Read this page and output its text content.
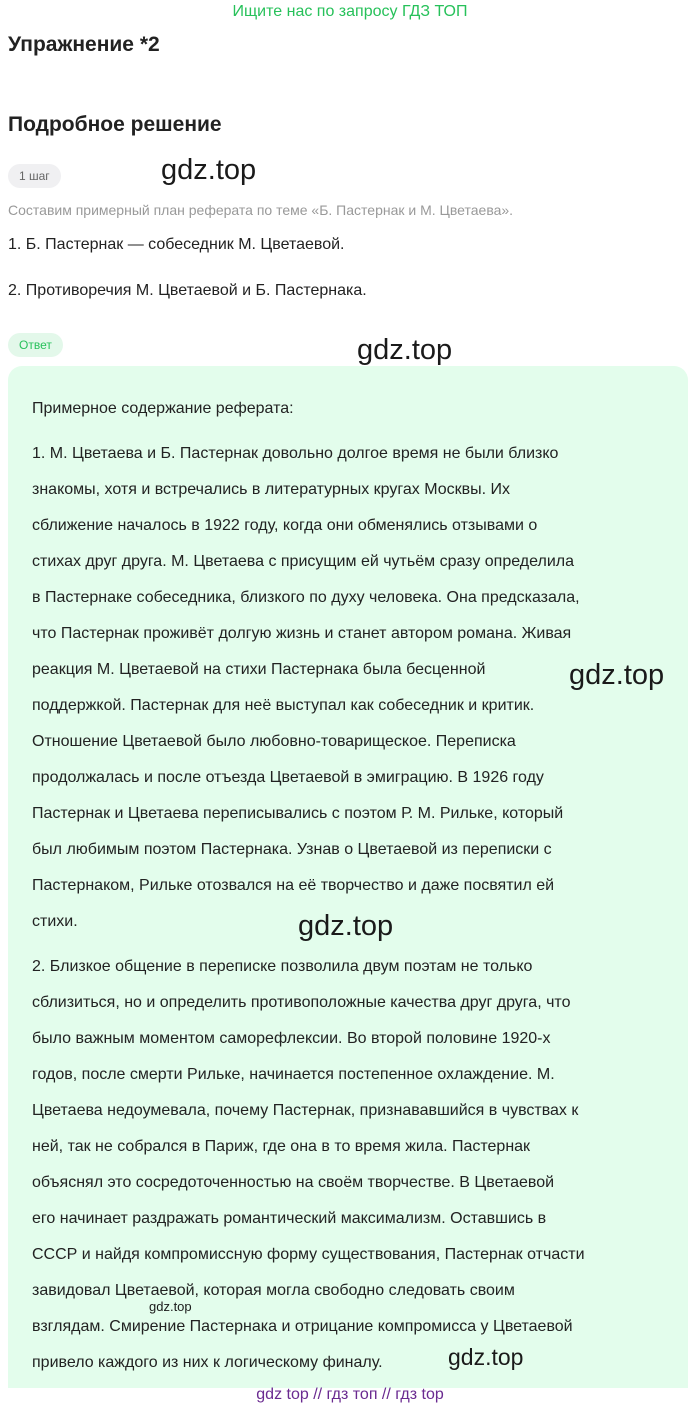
Ищите нас по запросу ГДЗ ТОП
Упражнение *2
Подробное решение
1 шаг	gdz.top
Составим примерный план реферата по теме «Б. Пастернак и М. Цветаева».
1. Б. Пастернак — собеседник М. Цветаевой.
2. Противоречия М. Цветаевой и Б. Пастернака.
Ответ	gdz.top
Примерное содержание реферата:
1. М. Цветаева и Б. Пастернак довольно долгое время не были близко
знакомы, хотя и встречались в литературных кругах Москвы. Их
сближение началось в 1922 году, когда они обменялись отзывами о
стихах друг друга. М. Цветаева с присущим ей чутьём сразу определила
в Пастернаке собеседника, близкого по духу человека. Она предсказала,
что Пастернак проживёт долгую жизнь и станет автором романа. Живая
реакция М. Цветаевой на стихи Пастернака была бесценной
поддержкой. Пастернак для неё выступал как собеседник и критик.
Отношение Цветаевой было любовно-товарищеское. Переписка
продолжалась и после отъезда Цветаевой в эмиграцию. В 1926 году
Пастернак и Цветаева переписывались с поэтом Р. М. Рильке, который
был любимым поэтом Пастернака. Узнав о Цветаевой из переписки с
Пастернаком, Рильке отозвался на её творчество и даже посвятил ей
стихи.
2. Близкое общение в переписке позволила двум поэтам не только
сблизиться, но и определить противоположные качества друг друга, что
было важным моментом саморефлексии. Во второй половине 1920-х
годов, после смерти Рильке, начинается постепенное охлаждение. М.
Цветаева недоумевала, почему Пастернак, признававшийся в чувствах к
ней, так не собрался в Париж, где она в то время жила. Пастернак
объяснял это сосредоточенностью на своём творчестве. В Цветаевой
его начинает раздражать романтический максимализм. Оставшись в
СССР и найдя компромиссную форму существования, Пастернак отчасти
завидовал Цветаевой, которая могла свободно следовать своим
взглядам. Смирение Пастернака и отрицание компромисса у Цветаевой
привело каждого из них к логическому финалу.
gdz.top
gdz.top
gdz.top
gdz.top
gdz top // гдз топ // гдз top
